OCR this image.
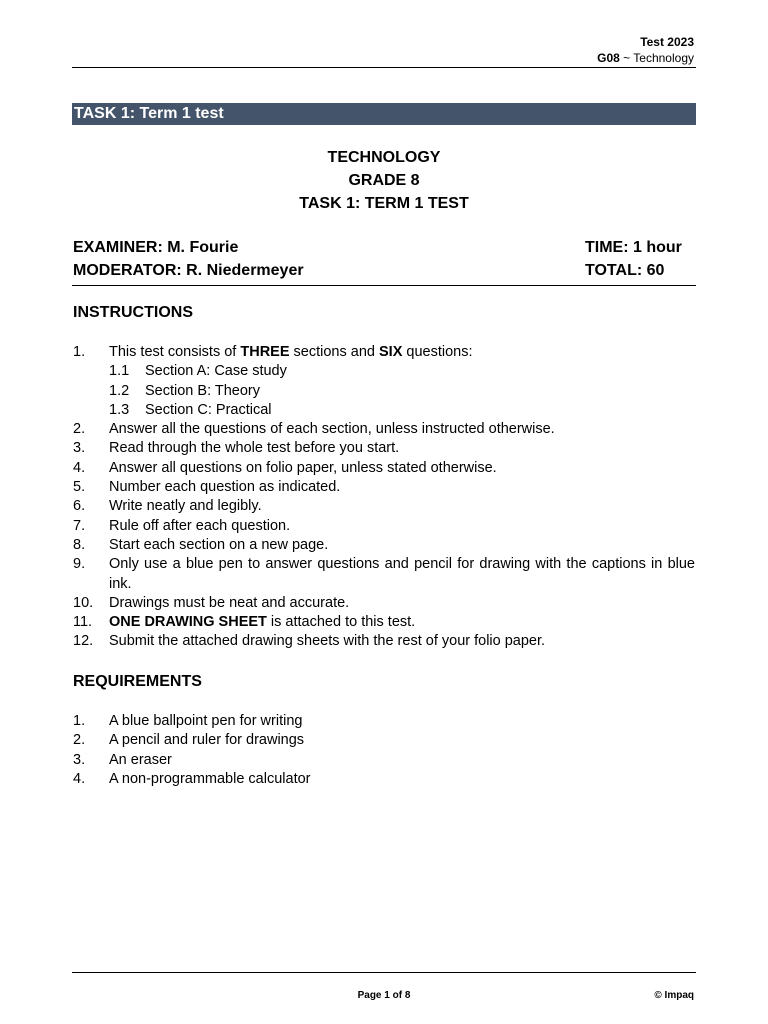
Test 2023
G08 ~ Technology
TASK 1: Term 1 test
TECHNOLOGY
GRADE 8
TASK 1: TERM 1 TEST
EXAMINER: M. Fourie
MODERATOR: R. Niedermeyer
TIME: 1 hour
TOTAL: 60
INSTRUCTIONS
1.	This test consists of THREE sections and SIX questions:
1.1	Section A: Case study
1.2	Section B: Theory
1.3	Section C: Practical
2.	Answer all the questions of each section, unless instructed otherwise.
3.	Read through the whole test before you start.
4.	Answer all questions on folio paper, unless stated otherwise.
5.	Number each question as indicated.
6.	Write neatly and legibly.
7.	Rule off after each question.
8.	Start each section on a new page.
9.	Only use a blue pen to answer questions and pencil for drawing with the captions in blue ink.
10.	Drawings must be neat and accurate.
11.	ONE DRAWING SHEET is attached to this test.
12.	Submit the attached drawing sheets with the rest of your folio paper.
REQUIREMENTS
1.	A blue ballpoint pen for writing
2.	A pencil and ruler for drawings
3.	An eraser
4.	A non-programmable calculator
Page 1 of 8	© Impaq
